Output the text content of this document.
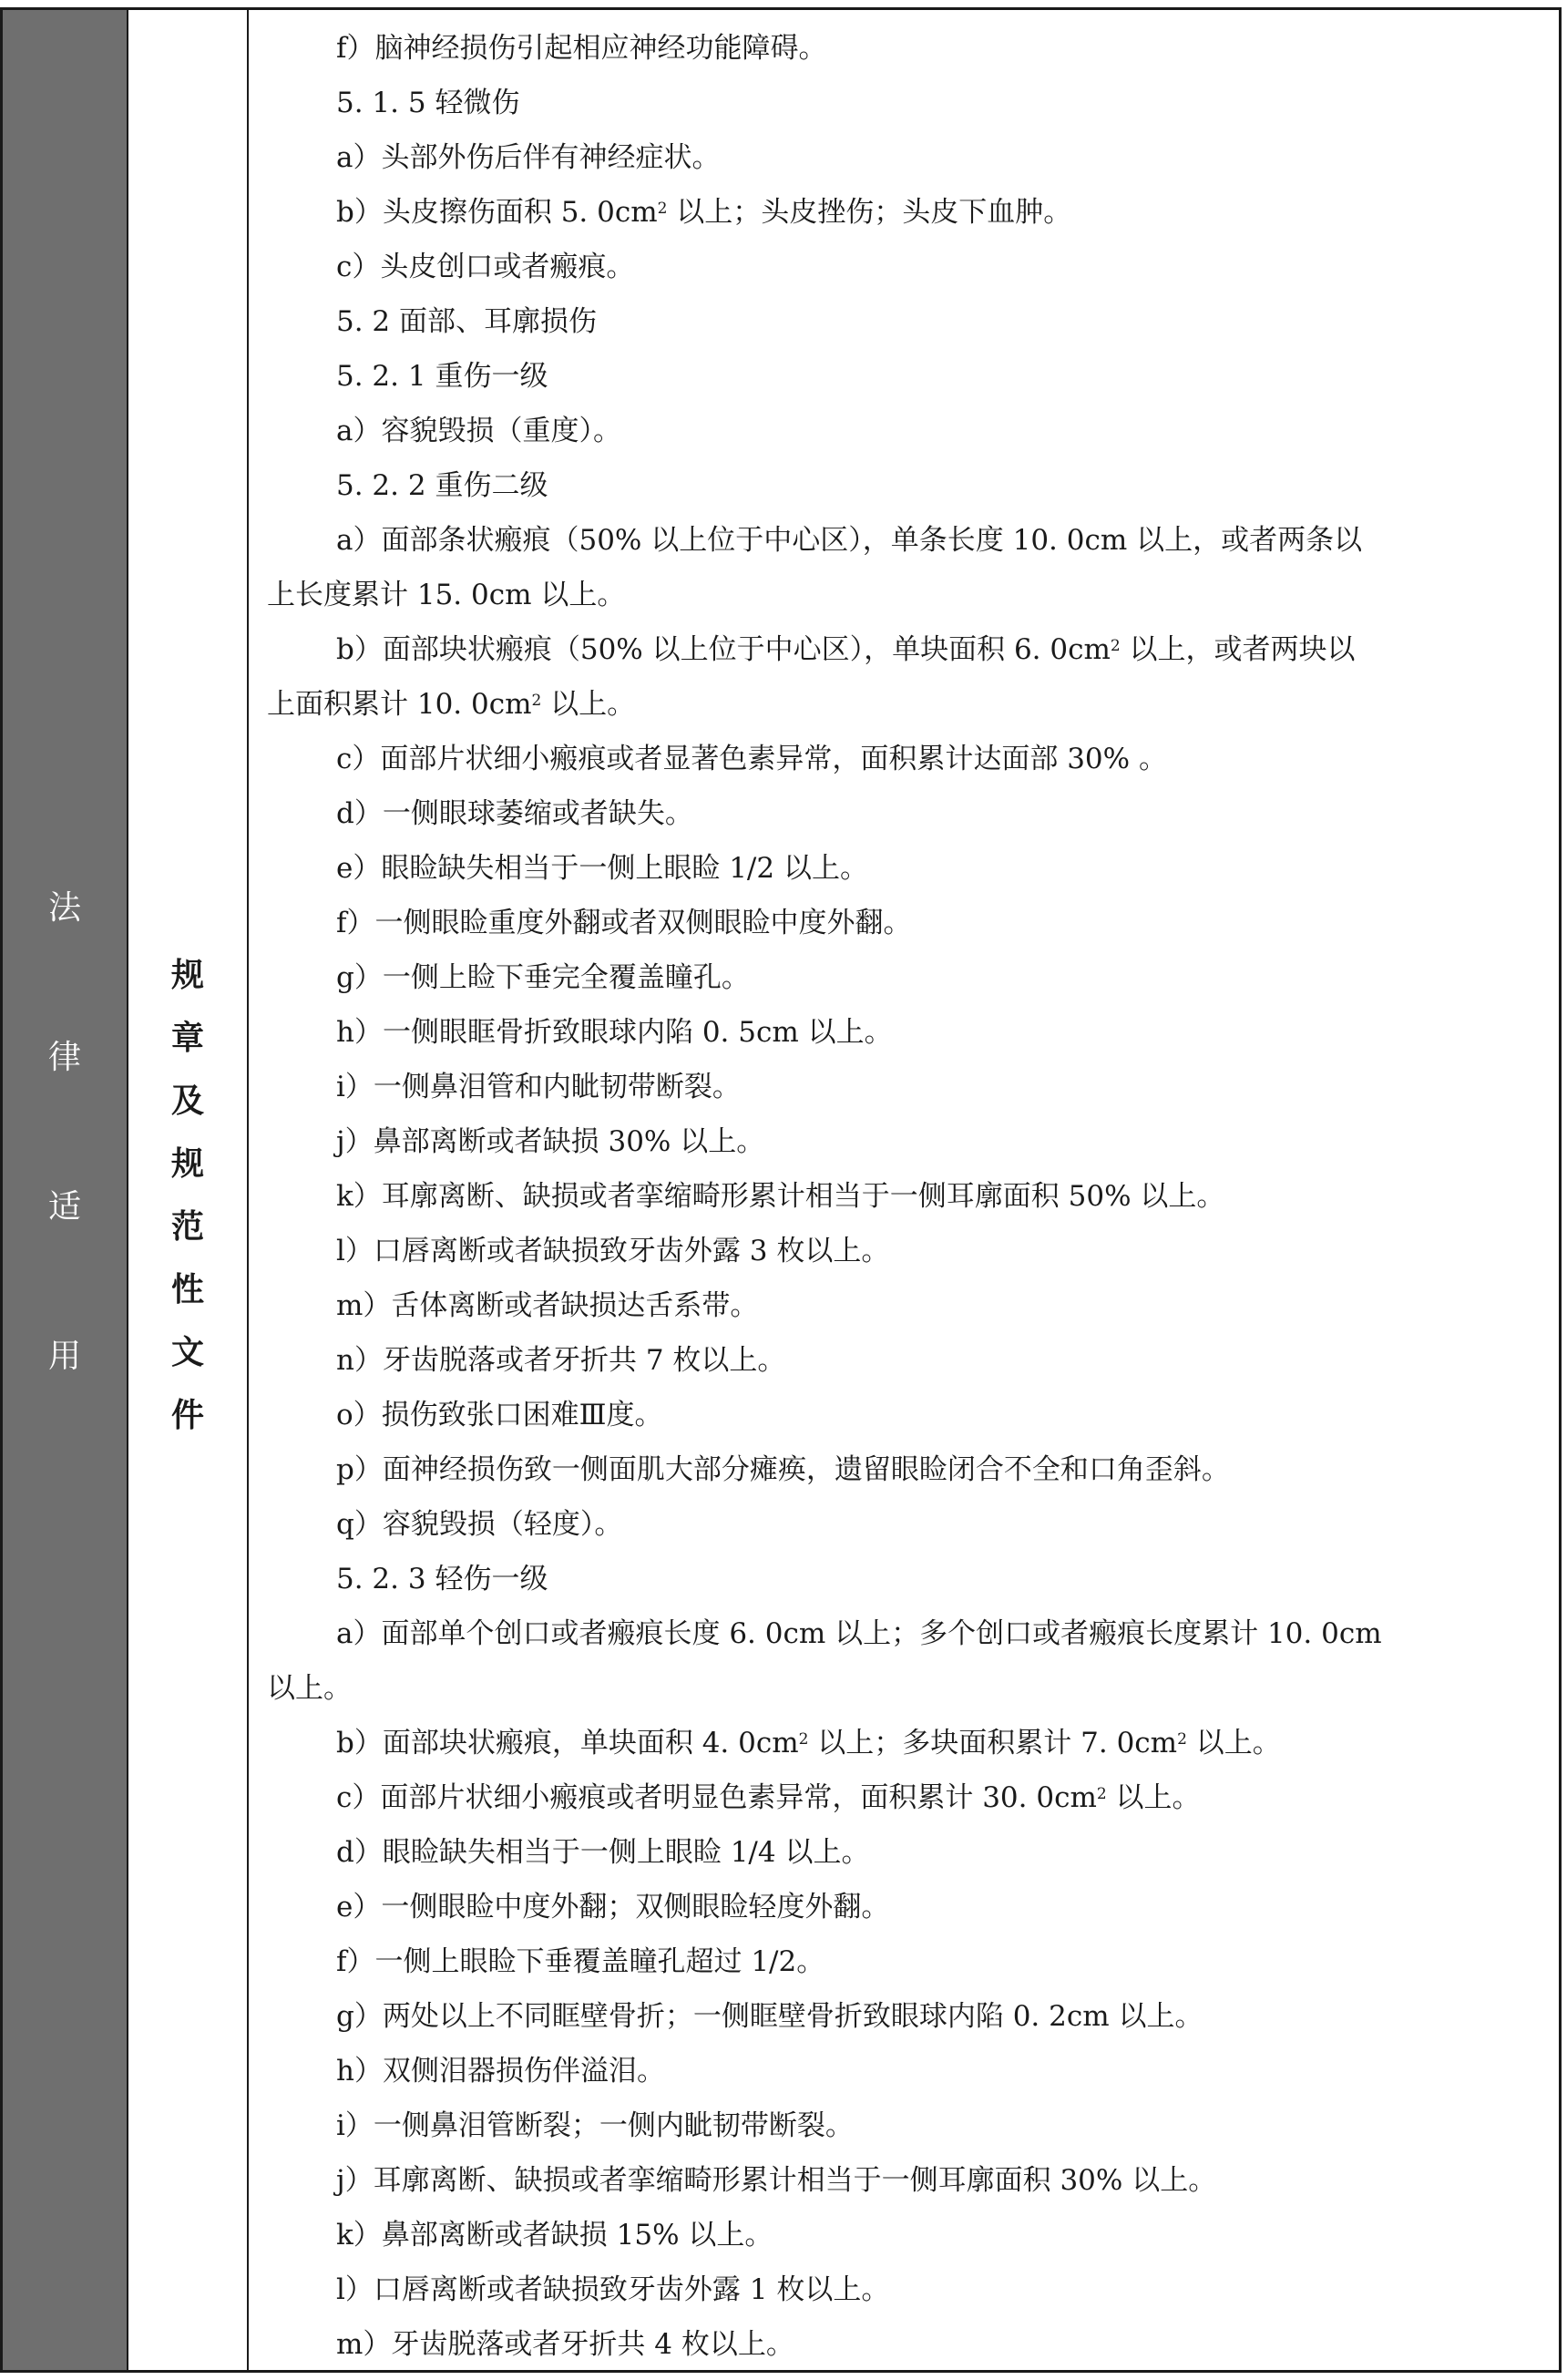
法
律
适
用
规
章
及
规
范
性
文
件
f）脑神经损伤引起相应神经功能障碍。
5. 1. 5 轻微伤
a）头部外伤后伴有神经症状。
b）头皮擦伤面积 5. $0cm^2$ 以上；头皮挫伤；头皮下血肿。
c）头皮创口或者瘢痕。
5. 2 面部、耳廓损伤
5. 2. 1 重伤一级
a）容貌毁损（重度）。
5. 2. 2 重伤二级
a）面部条状瘢痕（50% 以上位于中心区），单条长度 10. 0cm 以上，或者两条以
上长度累计 15. 0cm 以上。
b）面部块状瘢痕（50% 以上位于中心区），单块面积 6. $0cm^2$ 以上，或者两块以
上面积累计 10. $0cm^2$ 以上。
c）面部片状细小瘢痕或者显著色素异常，面积累计达面部 30% 。
d）一侧眼球萎缩或者缺失。
e）眼睑缺失相当于一侧上眼睑 1/2 以上。
f）一侧眼睑重度外翻或者双侧眼睑中度外翻。
g）一侧上睑下垂完全覆盖瞳孔。
h）一侧眼眶骨折致眼球内陷 0. 5cm 以上。
i）一侧鼻泪管和内眦韧带断裂。
j）鼻部离断或者缺损 30% 以上。
k）耳廓离断、缺损或者挛缩畸形累计相当于一侧耳廓面积 50% 以上。
l）口唇离断或者缺损致牙齿外露 3 枚以上。
m）舌体离断或者缺损达舌系带。
n）牙齿脱落或者牙折共 7 枚以上。
o）损伤致张口困难Ⅲ度。
p）面神经损伤致一侧面肌大部分瘫痪，遗留眼睑闭合不全和口角歪斜。
q）容貌毁损（轻度）。
5. 2. 3 轻伤一级
a）面部单个创口或者瘢痕长度 6. 0cm 以上；多个创口或者瘢痕长度累计 10. 0cm
以上。
b）面部块状瘢痕，单块面积 4. $0cm^2$ 以上；多块面积累计 7. $0cm^2$ 以上。
c）面部片状细小瘢痕或者明显色素异常，面积累计 30. $0cm^2$ 以上。
d）眼睑缺失相当于一侧上眼睑 1/4 以上。
e）一侧眼睑中度外翻；双侧眼睑轻度外翻。
f）一侧上眼睑下垂覆盖瞳孔超过 1/2。
g）两处以上不同眶壁骨折；一侧眶壁骨折致眼球内陷 0. 2cm 以上。
h）双侧泪器损伤伴溢泪。
i）一侧鼻泪管断裂；一侧内眦韧带断裂。
j）耳廓离断、缺损或者挛缩畸形累计相当于一侧耳廓面积 30% 以上。
k）鼻部离断或者缺损 15% 以上。
l）口唇离断或者缺损致牙齿外露 1 枚以上。
m）牙齿脱落或者牙折共 4 枚以上。
